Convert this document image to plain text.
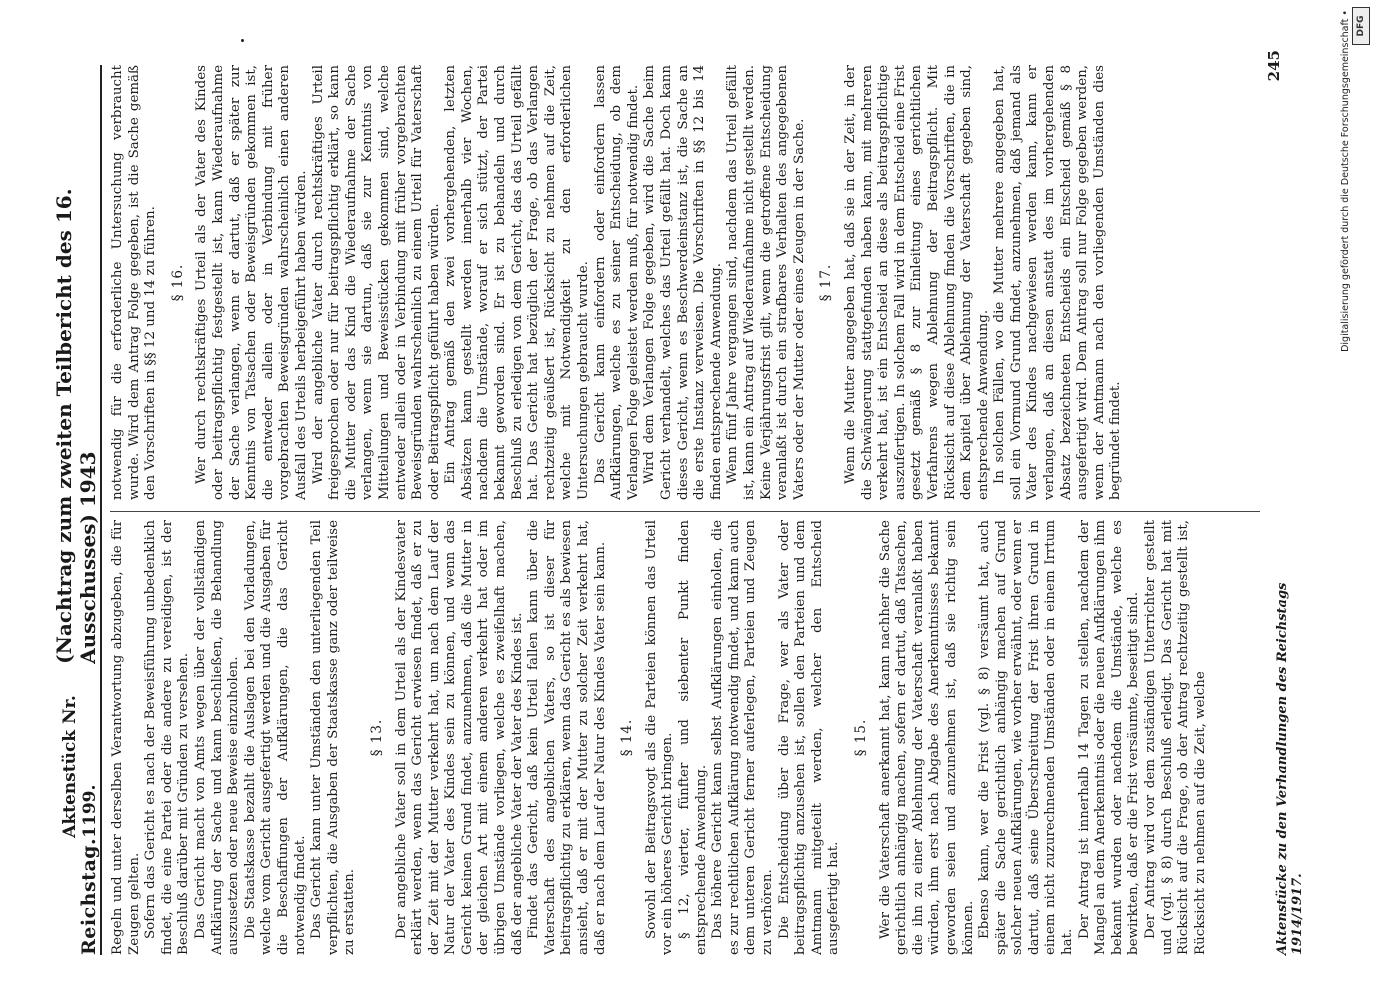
Reichstag.
Aktenstück Nr. 1199.
(Nachtrag zum zweiten Teilbericht des 16. Ausschusses) 1943 Regeln und unter derselben Verantwortung abzugeben, die für Zeugen gelten. Sofern das Gericht es nach der Beweisführung unbedenklich findet, die eine Partei oder die andere zu vereidigen, ist der Beschluß darüber mit Gründen zu versehen. Das Gericht macht von Amts wegen über der vollständigen Aufklärung der Sache und kann beschließen, die Behandlung auszusetzen oder neue Beweise einzuholen. Die Staatskasse bezahlt die Auslagen bei den Vorladungen, welche vom Gericht ausgefertigt werden und die Ausgaben für die Beschaffungen der Aufklärungen, die das Gericht notwendig findet. Das Gericht kann unter Umständen den unterliegenden Teil verpflichten, die Ausgaben der Staatskasse ganz oder teilweise zu erstatten.

§ 13. Der angebliche Vater soll in dem Urteil als der Kindesvater erklärt werden, wenn das Gericht erwiesen findet, daß er zu der Zeit mit der Mutter verkehrt hat, um nach dem Lauf der Natur der Vater des Kindes sein zu können, und wenn das Gericht keinen Grund findet, anzunehmen, daß die Mutter in der gleichen Art mit einem anderen verkehrt hat oder im übrigen Umstände vorliegen, welche es zweifelhaft machen, daß der angebliche Vater der Vater des Kindes ist. Findet das Gericht, daß kein Urteil fallen kann über die Vaterschaft des angeblichen Vaters, so ist dieser für beitragspflichtig zu erklären, wenn das Gericht es als bewiesen ansieht, daß er mit der Mutter zu solcher Zeit verkehrt hat, daß er nach dem Lauf der Natur des Kindes Vater sein kann. § 14. Sowohl der Beitragsvogt als die Parteien können das Urteil vor ein höheres Gericht bringen. § 12, vierter, fünfter und siebenter Punkt finden entsprechende Anwendung. Das höhere Gericht kann selbst Aufklärungen einholen, die es zur rechtlichen Aufklärung notwendig findet, und kann auch dem unteren Gericht ferner auferlegen, Parteien und Zeugen zu verhören. Die Entscheidung über die Frage, wer als Vater oder beitragspflichtig anzusehen ist, sollen den Parteien und dem Amtmann mitgeteilt werden, welcher den Entscheid ausgefertigt hat.

§ 15. Wer die Vaterschaft anerkannt hat, kann nachher die Sache gerichtlich anhängig machen, sofern er dartut, daß Tatsachen, die ihn zu einer Ablehnung der Vaterschaft veranlaßt haben würden, ihm erst nach Abgabe des Anerkenntnisses bekannt geworden seien und anzunehmen ist, daß sie richtig sein können. Ebenso kann, wer die Frist (vgl. § 8) versäumt hat, auch später die Sache gerichtlich anhängig machen auf Grund solcher neuen Aufklärungen, wie vorher erwähnt, oder wenn er dartut, daß seine Überschreitung der Frist ihren Grund in einem nicht zuzurechnenden Umständen oder in einem Irrtum hat.

Der Antrag ist innerhalb 14 Tagen zu stellen, nachdem der Mangel an dem Anerkenntnis oder die neuen Aufklärungen ihm bekannt wurden oder nachdem die Umstände, welche es bewirkten, daß er die Frist versäumte, beseitigt sind. Der Antrag wird vor dem zuständigen Unterrichter gestellt und (vgl. § 8) durch Beschluß erledigt. Das Gericht hat mit Rücksicht auf die Frage, ob der Antrag rechtzeitig gestellt ist, Rücksicht zu nehmen auf die Zeit, welche

notwendig für die erforderliche Untersuchung verbraucht wurde. Wird dem Antrag Folge gegeben, ist die Sache gemäß den Vorschriften in §§ 12 und 14 zu führen. § 16. Wer durch rechtskräftiges Urteil als der Vater des Kindes oder beitragspflichtig festgestellt ist, kann Wiederaufnahme der Sache verlangen, wenn er dartut, daß er später zur Kenntnis von Tatsachen oder Beweisgründen gekommen ist, die entweder allein oder in Verbindung mit früher vorgebrachten Beweisgründen wahrscheinlich einen anderen Ausfall des Urteils herbeigeführt haben würden. Wird der angebliche Vater durch rechtskräftiges Urteil freigesprochen oder nur für beitragspflichtig erklärt, so kann die Mutter oder das Kind die Wiederaufnahme der Sache verlangen, wenn sie dartun, daß sie zur Kenntnis von Mitteilungen und Beweisstücken gekommen sind, welche entweder allein oder in Verbindung mit früher vorgebrachten Beweisgründen wahrscheinlich zu einem Urteil für Vaterschaft oder Beitragspflicht geführt haben würden. Ein Antrag gemäß den zwei vorhergehenden, letzten Absätzen kann gestellt werden innerhalb vier Wochen, nachdem die Umstände, worauf er sich stützt, der Partei bekannt geworden sind. Er ist zu behandeln und durch Beschluß zu erledigen von dem Gericht, das das Urteil gefällt hat. Das Gericht hat bezüglich der Frage, ob das Verlangen rechtzeitig geäußert ist, Rücksicht zu nehmen auf die Zeit, welche mit Notwendigkeit zu den erforderlichen Untersuchungen gebraucht wurde. Das Gericht kann einfordern oder einfordern lassen Aufklärungen, welche es zu seiner Entscheidung, ob dem Verlangen Folge geleistet werden muß, für notwendig findet. Wird dem Verlangen Folge gegeben, wird die Sache beim Gericht verhandelt, welches das Urteil gefällt hat. Doch kann dieses Gericht, wenn es Beschwerdeinstanz ist, die Sache an die erste Instanz verweisen. Die Vorschriften in §§ 12 bis 14 finden entsprechende Anwendung. Wenn fünf Jahre vergangen sind, nachdem das Urteil gefällt ist, kann ein Antrag auf Wiederaufnahme nicht gestellt werden. Keine Verjährungsfrist gilt, wenn die getroffene Entscheidung veranlaßt ist durch ein strafbares Verhalten des angegebenen Vaters oder der Mutter oder eines Zeugen in der Sache. § 17. Wenn die Mutter angegeben hat, daß sie in der Zeit, in der die Schwängerung stattgefunden haben kann, mit mehreren verkehrt hat, ist ein Entscheid an diese als beitragspflichtige auszufertigen. In solchem Fall wird in dem Entscheid eine Frist gesetzt gemäß § 8 zur Einleitung eines gerichtlichen Verfahrens wegen Ablehnung der Beitragspflicht. Mit Rücksicht auf diese Ablehnung finden die Vorschriften, die in dem Kapitel über Ablehnung der Vaterschaft gegeben sind, entsprechende Anwendung. In solchen Fällen, wo die Mutter mehrere angegeben hat, soll ein Vormund Grund findet, anzunehmen, daß jemand als Vater des Kindes nachgewiesen werden kann, kann er verlangen, daß an diesen anstatt des im vorhergehenden Absatz bezeichneten Entscheids ein Entscheid gemäß § 8 ausgefertigt wird. Dem Antrag soll nur Folge gegeben werden, wenn der Amtmann nach den vorliegenden Umständen dies begründet findet.

Aktenstücke zu den Verhandlungen des Reichstags 1914/1917.
245	Digitalisierung gefördert durch die Deutsche Forschungsgemeinschaft • DFG
